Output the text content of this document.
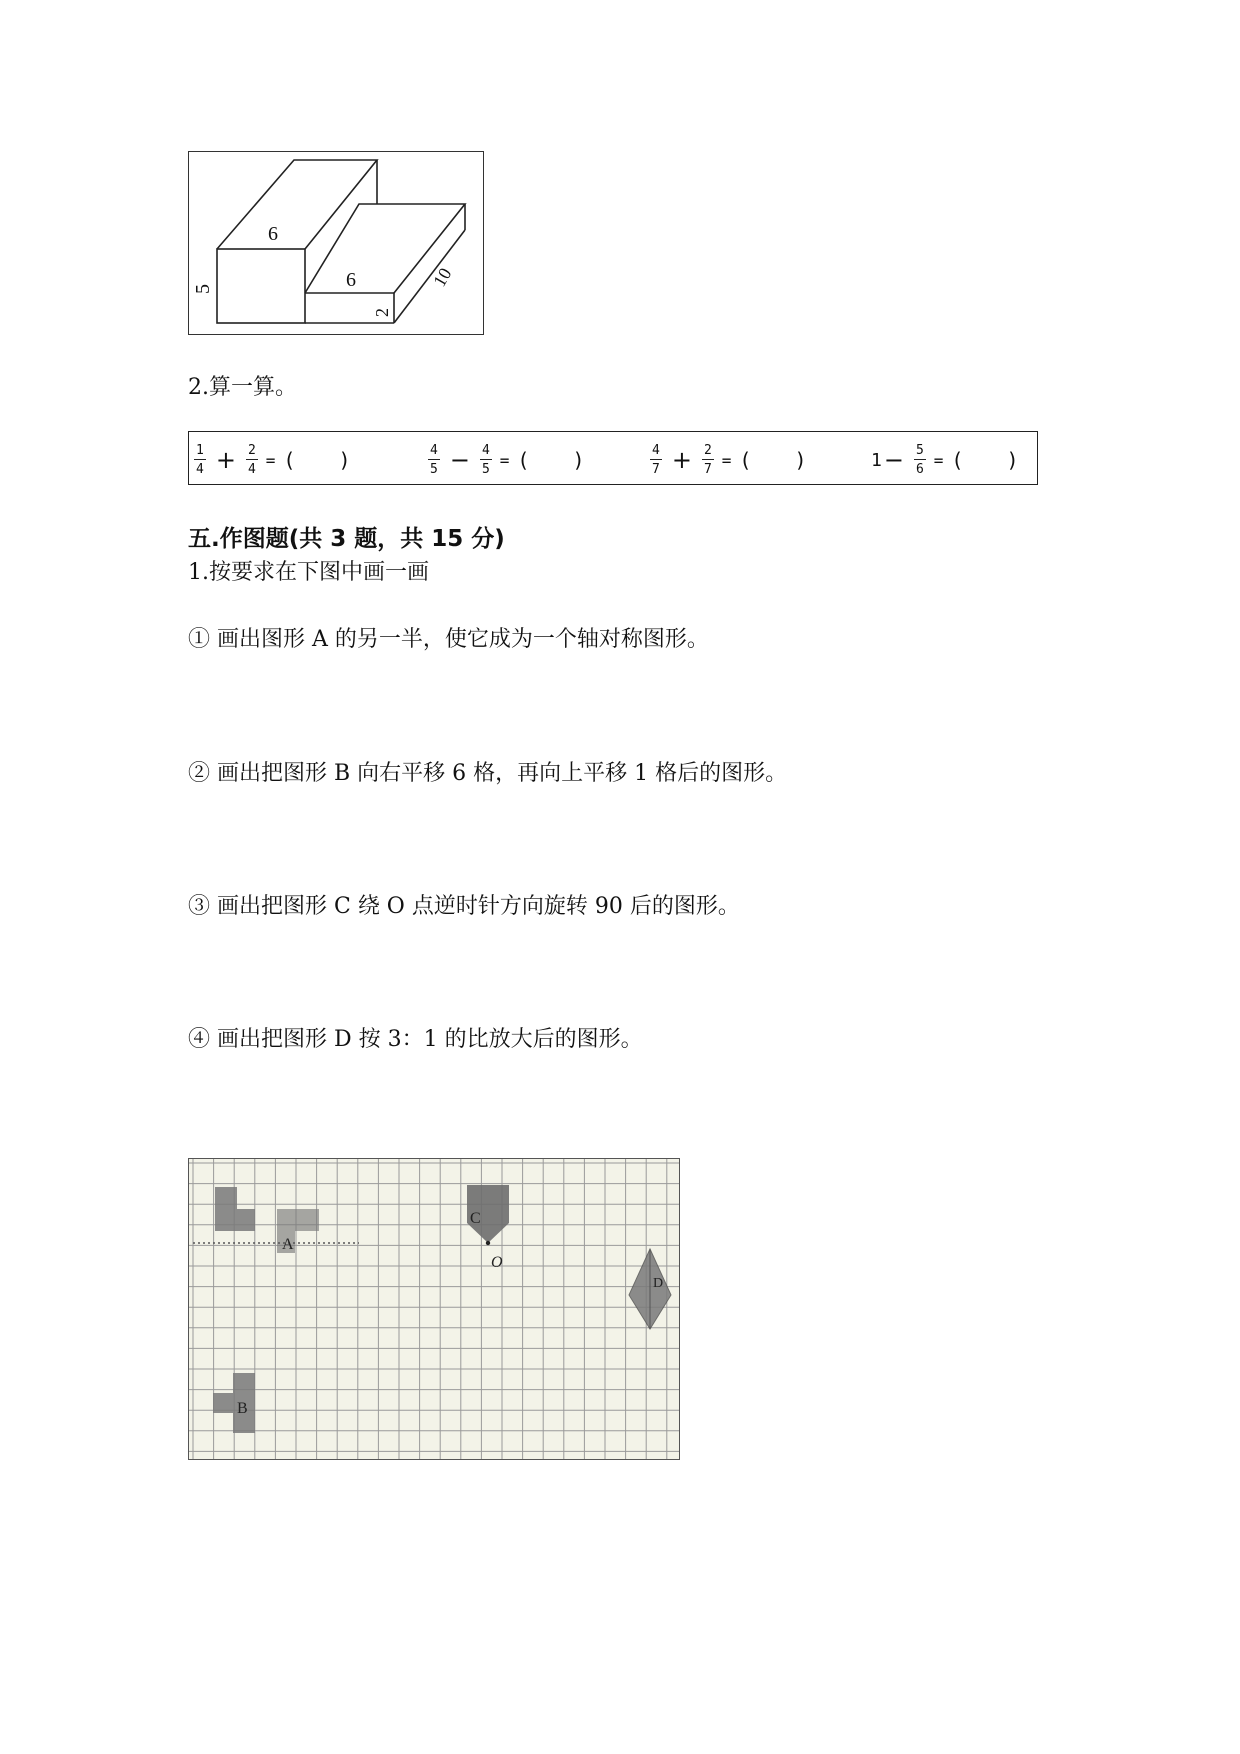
6
5	6
2
10
2.算一算。
$\frac{1}{4} + \frac{2}{4}$ = ( )	$\frac{4}{5} - \frac{4}{5}$ = ( )	$\frac{4}{7} + \frac{2}{7}$ = ( )	$1 - \frac{5}{6}$ = ( )
五.作图题(共 3 题，共 15 分)
1.按要求在下图中画一画
① 画出图形 A 的另一半，使它成为一个轴对称图形。
② 画出把图形 B 向右平移 6 格，再向上平移 1 格后的图形。
③ 画出把图形 C 绕 O 点逆时针方向旋转 90 后的图形。
④ 画出把图形 D 按 3：1 的比放大后的图形。
A
C
O
D
B
